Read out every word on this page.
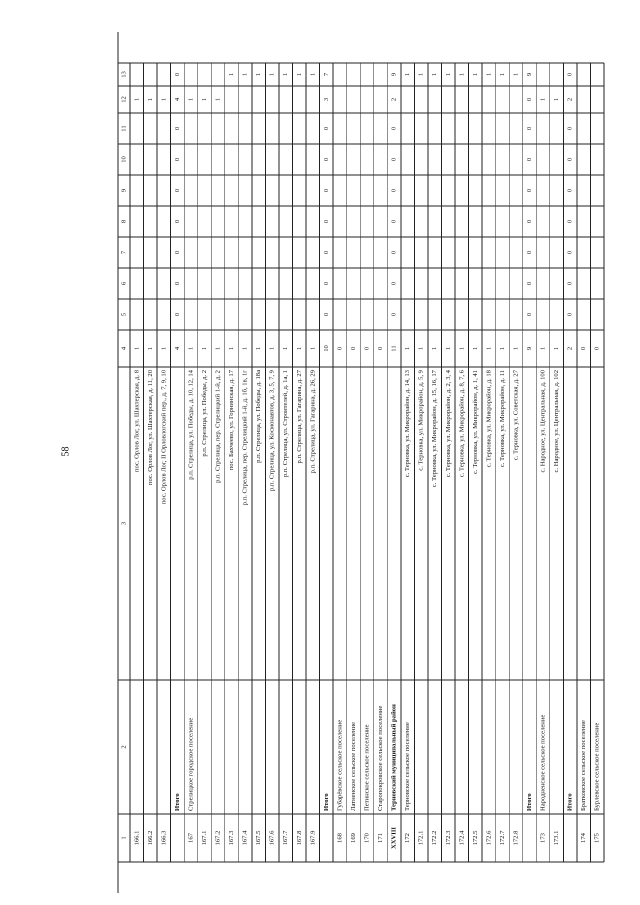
58
1
2
3
4
5
6
7
8
9
10
11
12
13
166.1
пос. Орлов Лог, ул. Шахтерская, д. 8
1
1
166.2
пос. Орлов Лог, ул. Шахтерская, д. 11, 20
1
1
166.3
пос. Орлов Лог, II Орловлогский пер., д. 7, 9, 10
1
1
Итого
4
0
0
0
0
0
0
0
4
0
167
Стрелицкое городское поселение
р.п. Стрелица, ул. Победы, д. 10, 12, 14
1
1
167.1
р.п. Стрелица, ул. Победы, д. 2
1
1
167.2
р.п. Стрелица, пер. Стрелицкий 1-й, д. 2
1
1
167.3
пос. Бахчеево, ул. Горнинская, д. 17
1
1
167.4
р.п. Стрелица, пер. Стрелицкий 1-й, д. 1б, 1в, 1г
1
1
167.5
р.п. Стрелица, ул. Победы, д. 18а
1
1
167.6
р.п. Стрелица, ул. Космонавтов, д. 3, 5, 7, 9
1
1
167.7
р.п. Стрелица, ул. Строителей, д. 1а, 1
1
1
167.8
р.п. Стрелица, ул. Гагарина, д. 27
1
1
167.9
р.п. Стрелица, ул. Гагарина, д. 26, 29
1
1
Итого
10
0
0
0
0
0
0
0
3
7
168
Губарёвское сельское поселение
0
169
Латненское сельское поселение
0
170
Петинское сельское поселение
0
171
Старопокровское сельское поселение
0
XXVIII
Терновский муниципальный район
11
0
0
0
0
0
0
0
2
9
172
Терновское сельское поселение
с. Терновка, ул. Микрорайон, д. 14, 13
1
1
172.1
с. Терновка, ул. Микрорайон, д. 5, 9
1
1
172.2
с. Терновка, ул. Микрорайон, д. 15, 16, 17
1
1
172.3
с. Терновка, ул. Микрорайон, д. 2, 3, 4
1
1
172.4
с. Терновка, ул. Микрорайон, д. 8, 7, 6
1
1
172.5
с. Терновка, ул. Микрорайон, д. 1, 41
1
1
172.6
с. Терновка, ул. Микрорайон, д. 18
1
1
172.7
с. Терновка, ул. Микрорайон, д. 11
1
1
172.8
с. Терновка, ул. Советская, д. 27
1
1
Итого
9
0
0
0
0
0
0
0
0
9
173
Народненское сельское поселение
с. Народное, ул. Центральная, д. 100
1
1
173.1
с. Народное, ул. Центральная, д. 102
1
1
Итого
2
0
0
0
0
0
0
0
2
0
174
Братковское сельское поселение
0
175
Бурлевское сельское поселение
0
